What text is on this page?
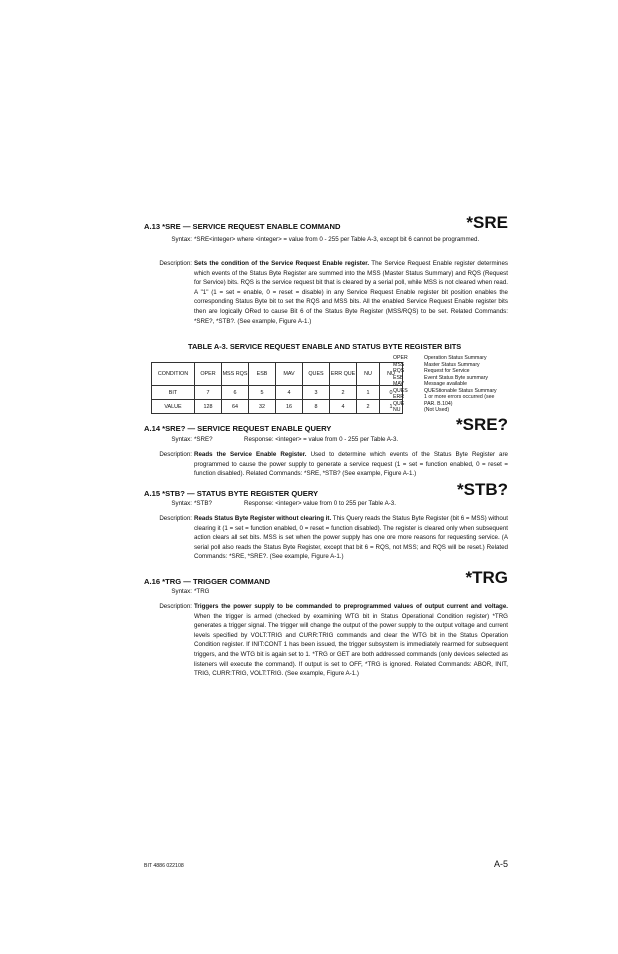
A.13 *SRE — SERVICE REQUEST ENABLE COMMAND	*SRE
Syntax: *SRE<integer> where <integer> = value from 0 - 255 per Table A-3, except bit 6 cannot be programmed.
Description: Sets the condition of the Service Request Enable register. The Service Request Enable register determines which events of the Status Byte Register are summed into the MSS (Master Status Summary) and RQS (Request for Service) bits. RQS is the service request bit that is cleared by a serial poll, while MSS is not cleared when read. A "1" (1 = set = enable, 0 = reset = disable) in any Service Request Enable register bit position enables the corresponding Status Byte bit to set the RQS and MSS bits. All the enabled Service Request Enable register bits then are logically ORed to cause Bit 6 of the Status Byte Register (MSS/RQS) to be set. Related Commands: *SRE?, *STB?. (See example, Figure A-1.)
TABLE A-3. SERVICE REQUEST ENABLE AND STATUS BYTE REGISTER BITS
CONDITION	OPER	MSS RQS	ESB	MAV	QUES	ERR QUE	NU	NU
BIT	7	6	5	4	3	2	1	0
VALUE	128	64	32	16	8	4	2	1
OPER	Operation Status Summary
MSS	Master Status Summary
RQS	Request for Service
ESB	Event Status Byte summary
MAV	Message available
QUES	QUEStionable Status Summary
ERR QUE
1 or more errors occurred (see
PAR. B.104)
NU	(Not Used)
A.14 *SRE? — SERVICE REQUEST ENABLE QUERY	*SRE?
Syntax: *SRE?	Response: <integer> = value from 0 - 255 per Table A-3.
Description: Reads the Service Enable Register. Used to determine which events of the Status Byte Register are programmed to cause the power supply to generate a service request (1 = set = function enabled, 0 = reset = function disabled). Related Commands: *SRE, *STB? (See example, Figure A-1.)
A.15 *STB? — STATUS BYTE REGISTER QUERY	*STB?
Syntax: *STB?	Response: <integer> value from 0 to 255 per Table A-3.
Description: Reads Status Byte Register without clearing it. This Query reads the Status Byte Register (bit 6 = MSS) without clearing it (1 = set = function enabled, 0 = reset = function disabled). The register is cleared only when subsequent action clears all set bits. MSS is set when the power supply has one ore more reasons for requesting service. (A serial poll also reads the Status Byte Register, except that bit 6 = RQS, not MSS; and RQS will be reset.) Related Commands: *SRE, *SRE?. (See example, Figure A-1.)
A.16 *TRG — TRIGGER COMMAND	*TRG
Syntax: *TRG
Description: Triggers the power supply to be commanded to preprogrammed values of output current and voltage. When the trigger is armed (checked by examining WTG bit in Status Operational Condition register) *TRG generates a trigger signal. The trigger will change the output of the power supply to the output voltage and current levels specified by VOLT:TRIG and CURR:TRIG commands and clear the WTG bit in the Status Operation Condition register. If INIT:CONT 1 has been issued, the trigger subsystem is immediately rearmed for subsequent triggers, and the WTG bit is again set to 1. *TRG or GET are both addressed commands (only devices selected as listeners will execute the command). If output is set to OFF, *TRG is ignored. Related Commands: ABOR, INIT, TRIG, CURR:TRIG, VOLT:TRIG. (See example, Figure A-1.)
BIT 4886 022108	A-5
